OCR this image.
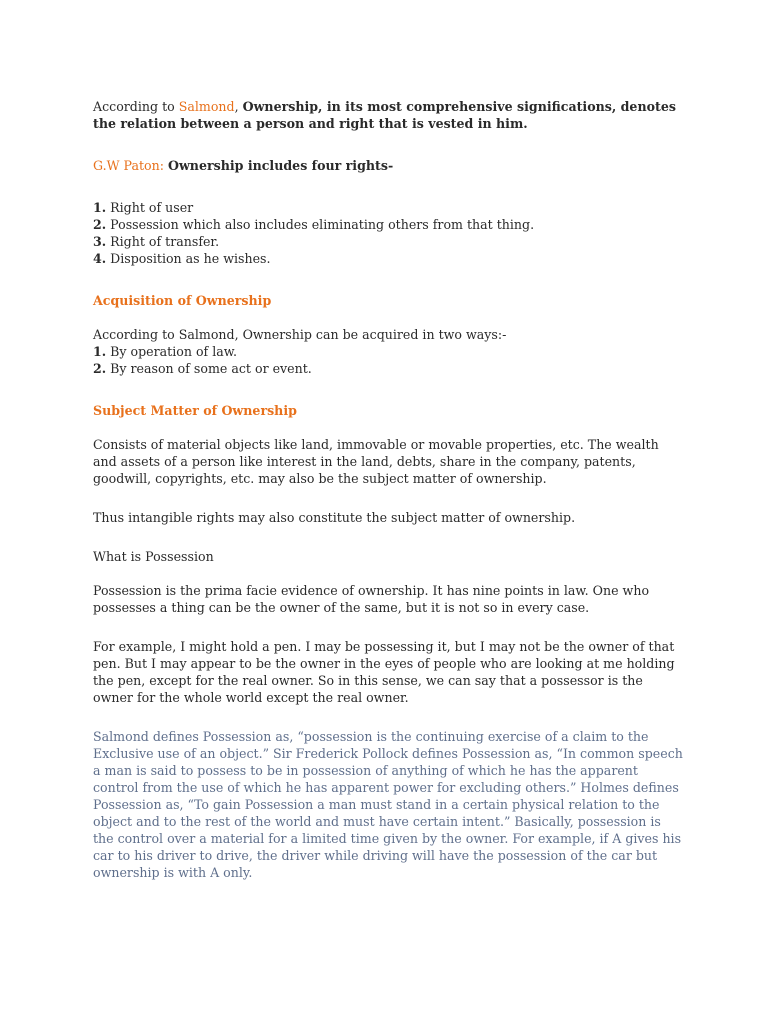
According to Salmond, Ownership, in its most comprehensive significations, denotes the relation between a person and right that is vested in him.

G.W Paton: Ownership includes four rights-

1. Right of user

2. Possession which also includes eliminating others from that thing.

3. Right of transfer.

4. Disposition as he wishes.

Acquisition of Ownership

According to Salmond, Ownership can be acquired in two ways:-

1. By operation of law.

2. By reason of some act or event.

Subject Matter of Ownership

Consists of material objects like land, immovable or movable properties, etc. The wealth and assets of a person like interest in the land, debts, share in the company, patents, goodwill, copyrights, etc. may also be the subject matter of ownership.

Thus intangible rights may also constitute the subject matter of ownership.

What is Possession

Possession is the prima facie evidence of ownership. It has nine points in law. One who possesses a thing can be the owner of the same, but it is not so in every case.

For example, I might hold a pen. I may be possessing it, but I may not be the owner of that pen. But I may appear to be the owner in the eyes of people who are looking at me holding the pen, except for the real owner. So in this sense, we can say that a possessor is the owner for the whole world except the real owner.

Salmond defines Possession as, “possession is the continuing exercise of a claim to the Exclusive use of an object.” Sir Frederick Pollock defines Possession as, “In common speech a man is said to possess to be in possession of anything of which he has the apparent control from the use of which he has apparent power for excluding others.” Holmes defines Possession as, “To gain Possession a man must stand in a certain physical relation to the object and to the rest of the world and must have certain intent.” Basically, possession is the control over a material for a limited time given by the owner. For example, if A gives his car to his driver to drive, the driver while driving will have the possession of the car but ownership is with A only.
